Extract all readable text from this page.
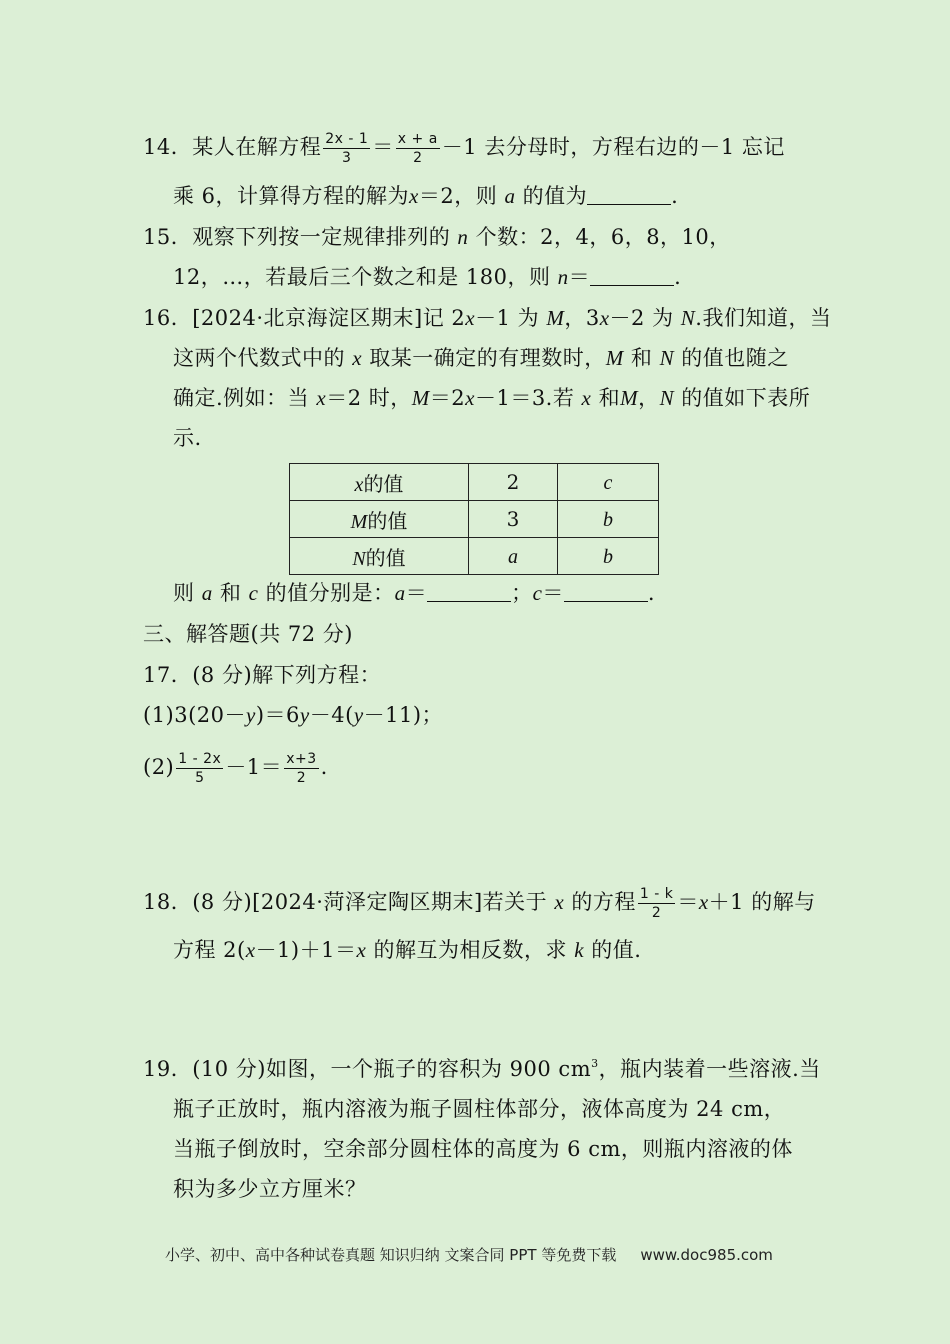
14．某人在解方程 $\frac{2x - 1}{3} = \frac{x + a}{2} -1$ 去分母时，方程右边的－1 忘记
乘 6，计算得方程的解为x＝2，则 a 的值为	.
15．观察下列按一定规律排列的 n 个数：2，4，6，8，10，
12，…，若最后三个数之和是 180，则 n＝	.
16．[2024·北京海淀区期末]记 2x－1 为 M，3x－2 为 N.我们知道，当
这两个代数式中的 x 取某一确定的有理数时，M 和 N 的值也随之
确定.例如：当 x＝2 时，M＝2x－1＝3.若 x 和M，N 的值如下表所
示.
x的值	2	c
M的值	3	b
N的值	a	b
则 a 和 c 的值分别是：a＝	；c＝	.
三、解答题(共 72 分)
17．(8 分)解下列方程：
(1)3(20－y)＝6y－4(y－11)；
$(2) \frac{1 - 2x}{5} -1= \frac{x+3}{2}$ .
18．(8 分)[2024·菏泽定陶区期末]若关于 x 的方程 $\frac{1 - k}{2} =x+1$ 的解与
方程 2(x－1)＋1＝x 的解互为相反数，求 k 的值.
19．(10 分)如图，一个瓶子的容积为 900 $cm^3$，瓶内装着一些溶液.当
瓶子正放时，瓶内溶液为瓶子圆柱体部分，液体高度为 24 cm，
当瓶子倒放时，空余部分圆柱体的高度为 6 cm，则瓶内溶液的体
积为多少立方厘米？
小学、初中、高中各种试卷真题 知识归纳 文案合同 PPT 等免费下载 www.doc985.com
